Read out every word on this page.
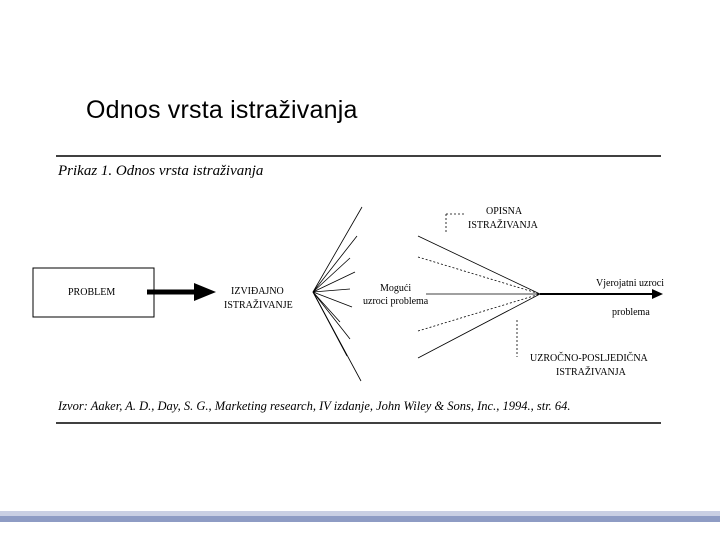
Odnos vrsta istraživanja
Prikaz 1. Odnos vrsta istraživanja
PROBLEM	IZVIĐAJNO
ISTRAŽIVANJE
Mogući
uzroci problema
OPISNA
ISTRAŽIVANJA
Vjerojatni uzroci
problema
UZROČNO-POSLJEDIČNA
ISTRAŽIVANJA
Izvor: Aaker, A. D., Day, S. G., Marketing research, IV izdanje, John Wiley & Sons, Inc., 1994., str. 64.
